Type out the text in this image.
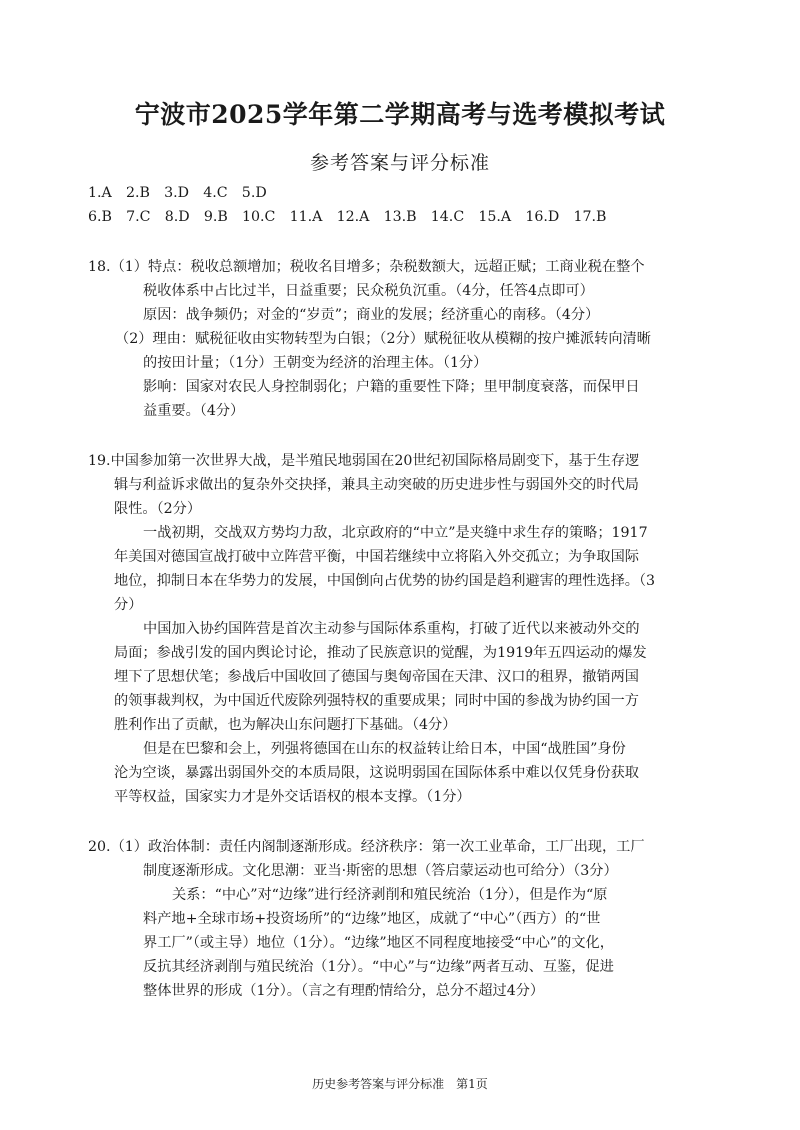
宁波市2025学年第二学期高考与选考模拟考试
参考答案与评分标准
1.A　2.B　3.D　4.C　5.D
6.B　7.C　8.D　9.B　10.C　11.A　12.A　13.B　14.C　15.A　16.D　17.B
18.（1）特点：税收总额增加；税收名目增多；杂税数额大，远超正赋；工商业税在整个
税收体系中占比过半，日益重要；民众税负沉重。（4分，任答4点即可）
原因：战争频仍；对金的“岁贡”；商业的发展；经济重心的南移。（4分）
（2）理由：赋税征收由实物转型为白银；（2分）赋税征收从模糊的按户摊派转向清晰
的按田计量；（1分）王朝变为经济的治理主体。（1分）
影响：国家对农民人身控制弱化；户籍的重要性下降；里甲制度衰落，而保甲日
益重要。（4分）
19.中国参加第一次世界大战，是半殖民地弱国在20世纪初国际格局剧变下，基于生存逻
辑与利益诉求做出的复杂外交抉择，兼具主动突破的历史进步性与弱国外交的时代局
限性。（2分）
一战初期，交战双方势均力敌，北京政府的“中立”是夹缝中求生存的策略；1917
年美国对德国宣战打破中立阵营平衡，中国若继续中立将陷入外交孤立；为争取国际
地位，抑制日本在华势力的发展，中国倒向占优势的协约国是趋利避害的理性选择。（3
分）
中国加入协约国阵营是首次主动参与国际体系重构，打破了近代以来被动外交的
局面；参战引发的国内舆论讨论，推动了民族意识的觉醒，为1919年五四运动的爆发
埋下了思想伏笔；参战后中国收回了德国与奥匈帝国在天津、汉口的租界，撤销两国
的领事裁判权，为中国近代废除列强特权的重要成果；同时中国的参战为协约国一方
胜利作出了贡献，也为解决山东问题打下基础。（4分）
但是在巴黎和会上，列强将德国在山东的权益转让给日本，中国“战胜国”身份
沦为空谈，暴露出弱国外交的本质局限，这说明弱国在国际体系中难以仅凭身份获取
平等权益，国家实力才是外交话语权的根本支撑。（1分）
20.（1）政治体制：责任内阁制逐渐形成。经济秩序：第一次工业革命，工厂出现，工厂
制度逐渐形成。文化思潮：亚当·斯密的思想（答启蒙运动也可给分）（3分）
关系：“中心”对“边缘”进行经济剥削和殖民统治（1分），但是作为“原
料产地+全球市场+投资场所”的“边缘”地区，成就了“中心”（西方）的“世
界工厂”（或主导）地位（1分）。“边缘”地区不同程度地接受“中心”的文化，
反抗其经济剥削与殖民统治（1分）。“中心”与“边缘”两者互动、互鉴，促进
整体世界的形成（1分）。（言之有理酌情给分，总分不超过4分）
历史参考答案与评分标准　第1页
